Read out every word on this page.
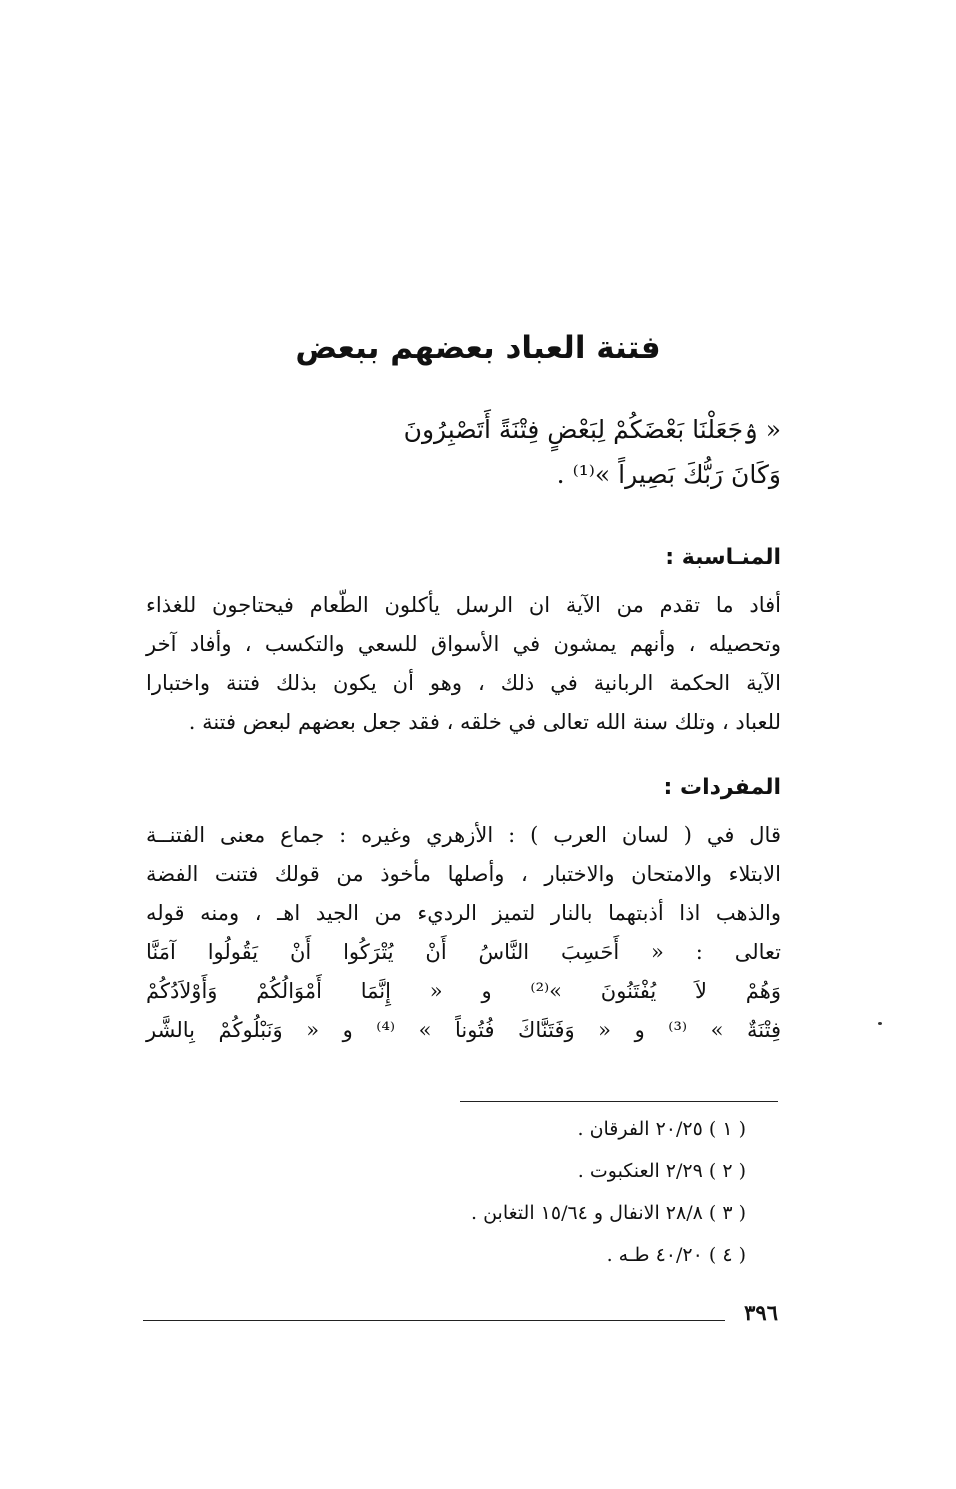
فتنة العباد بعضهم ببعض
« ۉجَعَلْنَا بَعْضَكُمْ لِبَعْضٍ فِتْنَةً أَتَصْبِرُونَ
وَكَانَ رَبُّكَ بَصِيراً »⁽¹⁾ .
المنـاسبة :
أفاد ما تقدم من الآية ان الرسل يأكلون الطّعام فيحتاجون للغذاء
وتحصيله ، وأنهم يمشون في الأسواق للسعي والتكسب ، وأفاد آخر
الآية الحكمة الربانية في ذلك ، وهو أن يكون بذلك فتنة واختبارا
للعباد ، وتلك سنة الله تعالى في خلقه ، فقد جعل بعضهم لبعض فتنة .
المفردات :
قال في ( لسان العرب ) : الأزهري وغيره : جماع معنى الفتنــة
الابتلاء والامتحان والاختبار ، وأصلها مأخوذ من قولك فتنت الفضة
والذهب اذا أذبتهما بالنار لتميز الرديء من الجيد اهـ ، ومنه قوله
تعالى : « أَحَسِبَ النَّاسُ أَنْ يُتْرَكُوا أَنْ يَقُولُوا آمَنَّا
وَهُمْ لاَ يُفْتَنُونَ »⁽²⁾ و « إِنَّمَا أَمْوَالُكُمْ وَأَوْلاَدُكُمْ
فِتْنَةٌ » ⁽³⁾ و « وَفَتَنَّاكَ فُتُوناً » ⁽⁴⁾ و « وَنَبْلُوكُمْ بِالشَّر
( ١ ) ٢٠/٢٥ الفرقان .
( ٢ ) ٢/٢٩ العنكبوت .
( ٣ ) ٢٨/٨ الانفال و ١٥/٦٤ التغابن .
( ٤ ) ٤٠/٢٠ طـه .
٣٩٦
